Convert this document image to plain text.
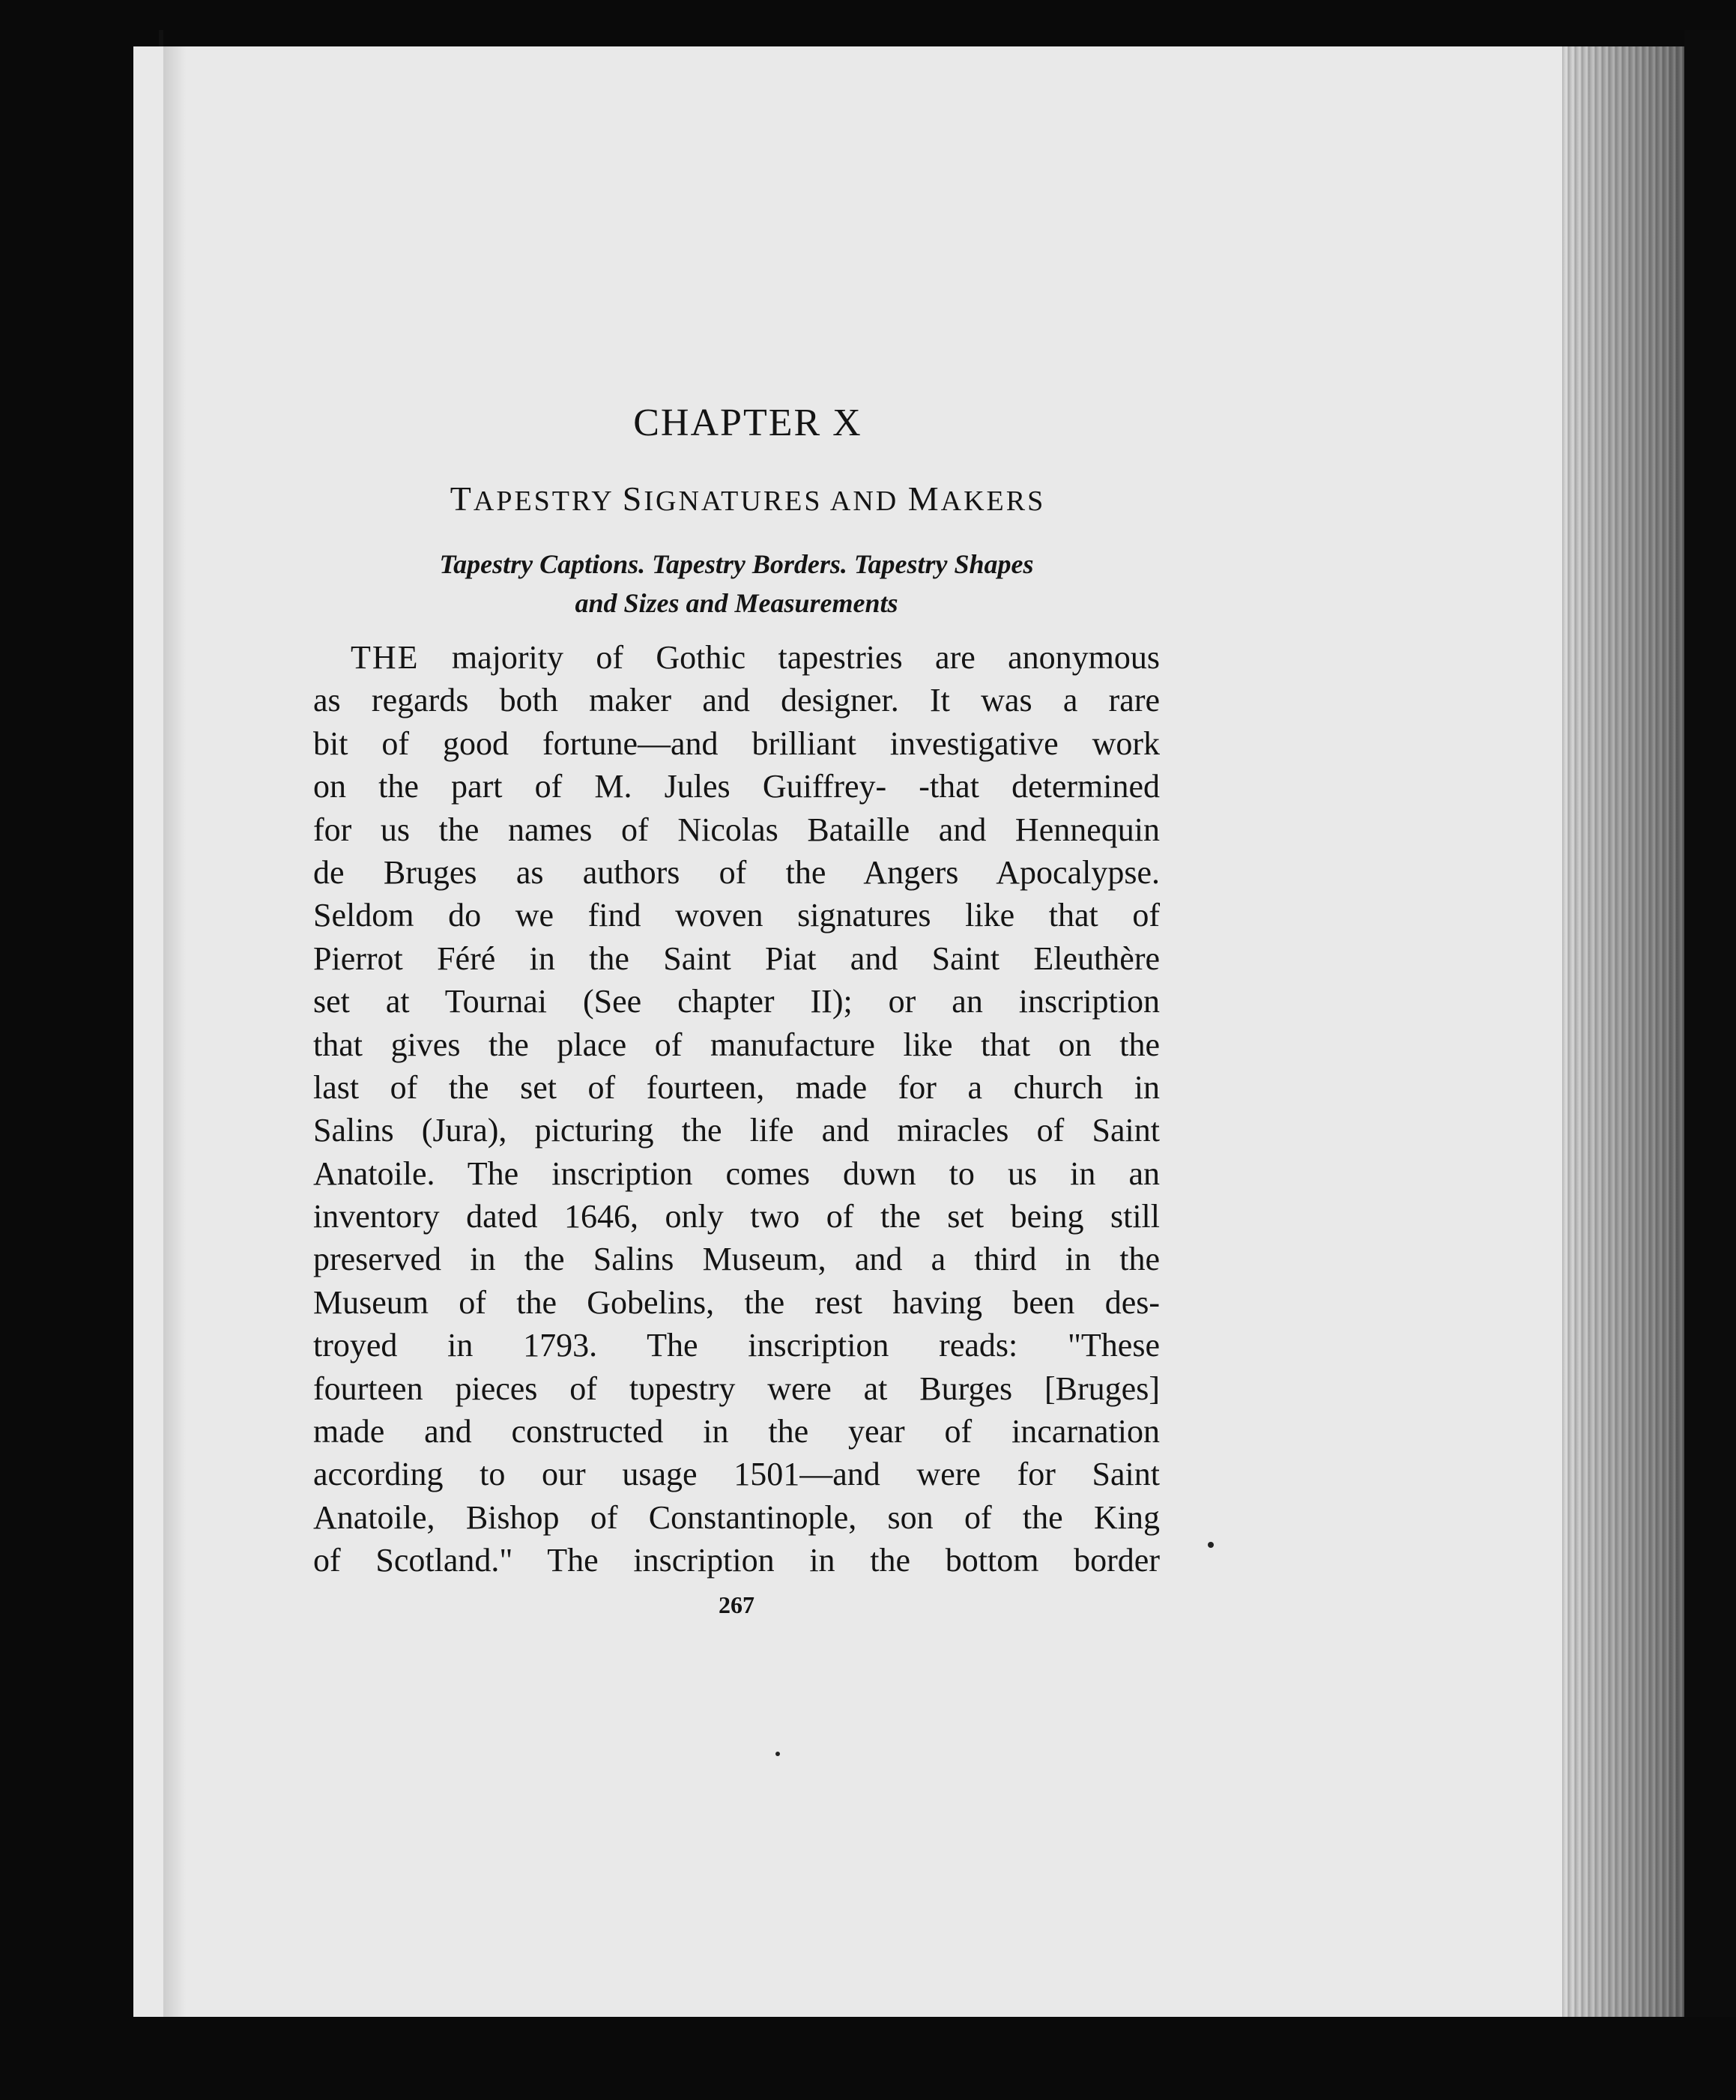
CHAPTER X
TAPESTRY SIGNATURES AND MAKERS
Tapestry Captions. Tapestry Borders. Tapestry Shapes
and Sizes and Measurements
THE majority of Gothic tapestries are anonymous
as regards both maker and designer. It was a rare
bit of good fortune—and brilliant investigative work
on the part of M. Jules Guiffrey- -that determined
for us the names of Nicolas Bataille and Hennequin
de Bruges as authors of the Angers Apocalypse.
Seldom do we find woven signatures like that of
Pierrot Féré in the Saint Piat and Saint Eleuthère
set at Tournai (See chapter II); or an inscription
that gives the place of manufacture like that on the
last of the set of fourteen, made for a church in
Salins (Jura), picturing the life and miracles of Saint
Anatoile. The inscription comes dυwn to us in an
inventory dated 1646, only two of the set being still
preserved in the Salins Museum, and a third in the
Museum of the Gobelins, the rest having been des-
troyed in 1793. The inscription reads: "These
fourteen pieces of tυpestry were at Burges [Bruges]
made and constructed in the year of incarnation
according to our usage 1501—and were for Saint
Anatoile, Bishop of Constantinople, son of the King
of Scotland." The inscription in the bottom border
267
